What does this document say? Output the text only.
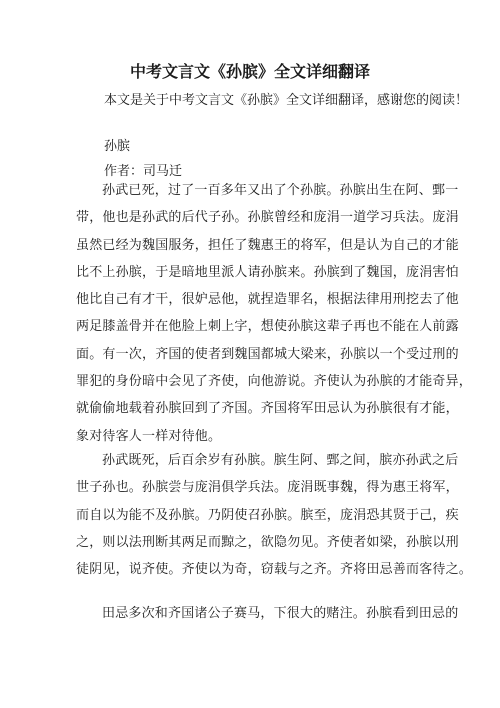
中考文言文《孙膑》全文详细翻译

本文是关于中考文言文《孙膑》全文详细翻译，感谢您的阅读！

孙膑

作者：司马迁

孙武已死，过了一百多年又出了个孙膑。孙膑出生在阿、鄄一
带，他也是孙武的后代子孙。孙膑曾经和庞涓一道学习兵法。庞涓
虽然已经为魏国服务，担任了魏惠王的将军，但是认为自己的才能
比不上孙膑，于是暗地里派人请孙膑来。孙膑到了魏国，庞涓害怕
他比自己有才干，很妒忌他，就捏造罪名，根据法律用刑挖去了他
两足膝盖骨并在他脸上刺上字，想使孙膑这辈子再也不能在人前露
面。有一次，齐国的使者到魏国都城大梁来，孙膑以一个受过刑的
罪犯的身份暗中会见了齐使，向他游说。齐使认为孙膑的才能奇异，
就偷偷地载着孙膑回到了齐国。齐国将军田忌认为孙膑很有才能，
象对待客人一样对待他。
孙武既死，后百余岁有孙膑。膑生阿、鄄之间，膑亦孙武之后
世子孙也。孙膑尝与庞涓俱学兵法。庞涓既事魏，得为惠王将军，
而自以为能不及孙膑。乃阴使召孙膑。膑至，庞涓恐其贤于己，疾
之，则以法刑断其两足而黥之，欲隐勿见。齐使者如梁，孙膑以刑
徒阴见，说齐使。齐使以为奇，窃载与之齐。齐将田忌善而客待之。
田忌多次和齐国诸公子赛马，下很大的赌注。孙膑看到田忌的
